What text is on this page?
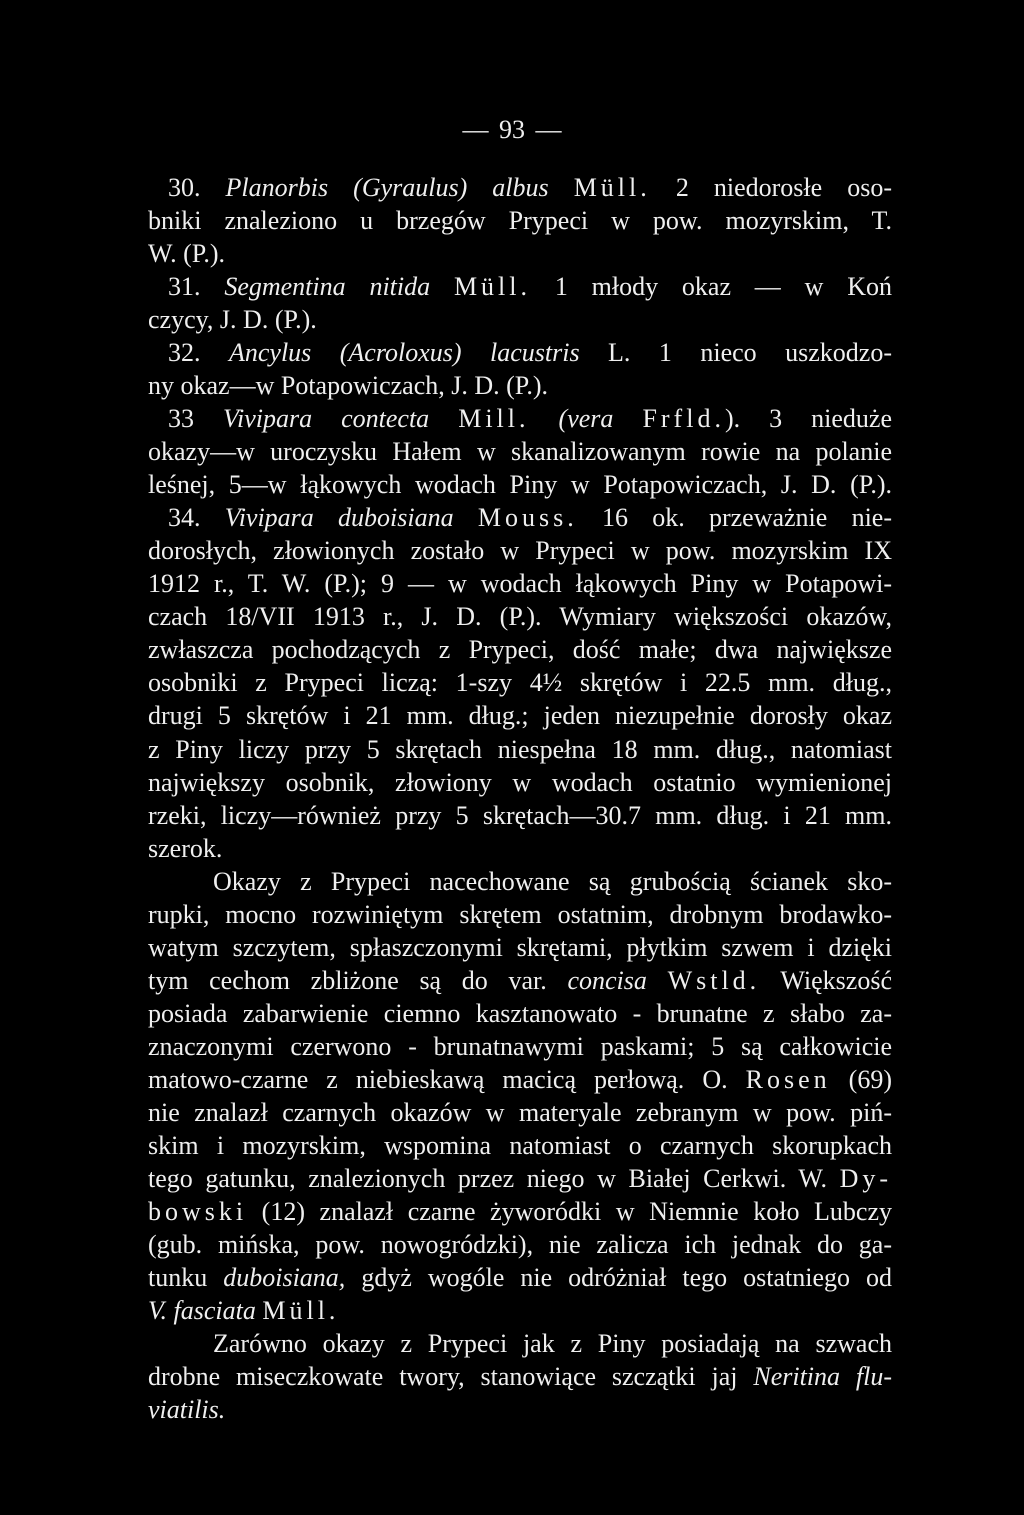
— 93 —
30. Planorbis (Gyraulus) albus Müll. 2 niedorosłe oso-
bniki znaleziono u brzegów Prypeci w pow. mozyrskim, T.
W. (P.).
31. Segmentina nitida Müll. 1 młody okaz — w Koń
czycy, J. D. (P.).
32. Ancylus (Acroloxus) lacustris L. 1 nieco uszkodzo-
ny okaz—w Potapowiczach, J. D. (P.).
33 Vivipara contecta Mill. (vera Frfld.). 3 nieduże
okazy—w uroczysku Hałem w skanalizowanym rowie na polanie
leśnej, 5—w łąkowych wodach Piny w Potapowiczach, J. D. (P.).
34. Vivipara duboisiana Mouss. 16 ok. przeważnie nie-
dorosłych, złowionych zostało w Prypeci w pow. mozyrskim IX
1912 r., T. W. (P.); 9 — w wodach łąkowych Piny w Potapowi-
czach 18/VII 1913 r., J. D. (P.). Wymiary większości okazów,
zwłaszcza pochodzących z Prypeci, dość małe; dwa największe
osobniki z Prypeci liczą: 1-szy 4½ skrętów i 22.5 mm. dług.,
drugi 5 skrętów i 21 mm. dług.; jeden niezupełnie dorosły okaz
z Piny liczy przy 5 skrętach niespełna 18 mm. dług., natomiast
największy osobnik, złowiony w wodach ostatnio wymienionej
rzeki, liczy—również przy 5 skrętach—30.7 mm. dług. i 21 mm.
szerok.
Okazy z Prypeci nacechowane są grubością ścianek sko-
rupki, mocno rozwiniętym skrętem ostatnim, drobnym brodawko-
watym szczytem, spłaszczonymi skrętami, płytkim szwem i dzięki
tym cechom zbliżone są do var. concisa Wstld. Większość
posiada zabarwienie ciemno kasztanowato - brunatne z słabo za-
znaczonymi czerwono - brunatnawymi paskami; 5 są całkowicie
matowo-czarne z niebieskawą macicą perłową. O. Rosen (69)
nie znalazł czarnych okazów w materyale zebranym w pow. piń-
skim i mozyrskim, wspomina natomiast o czarnych skorupkach
tego gatunku, znalezionych przez niego w Białej Cerkwi. W. Dy-
bowski (12) znalazł czarne żyworódki w Niemnie koło Lubczy
(gub. mińska, pow. nowogródzki), nie zalicza ich jednak do ga-
tunku duboisiana, gdyż wogóle nie odróżniał tego ostatniego od
V. fasciata Müll.
Zarówno okazy z Prypeci jak z Piny posiadają na szwach
drobne miseczkowate twory, stanowiące szczątki jaj Neritina flu-
viatilis.
